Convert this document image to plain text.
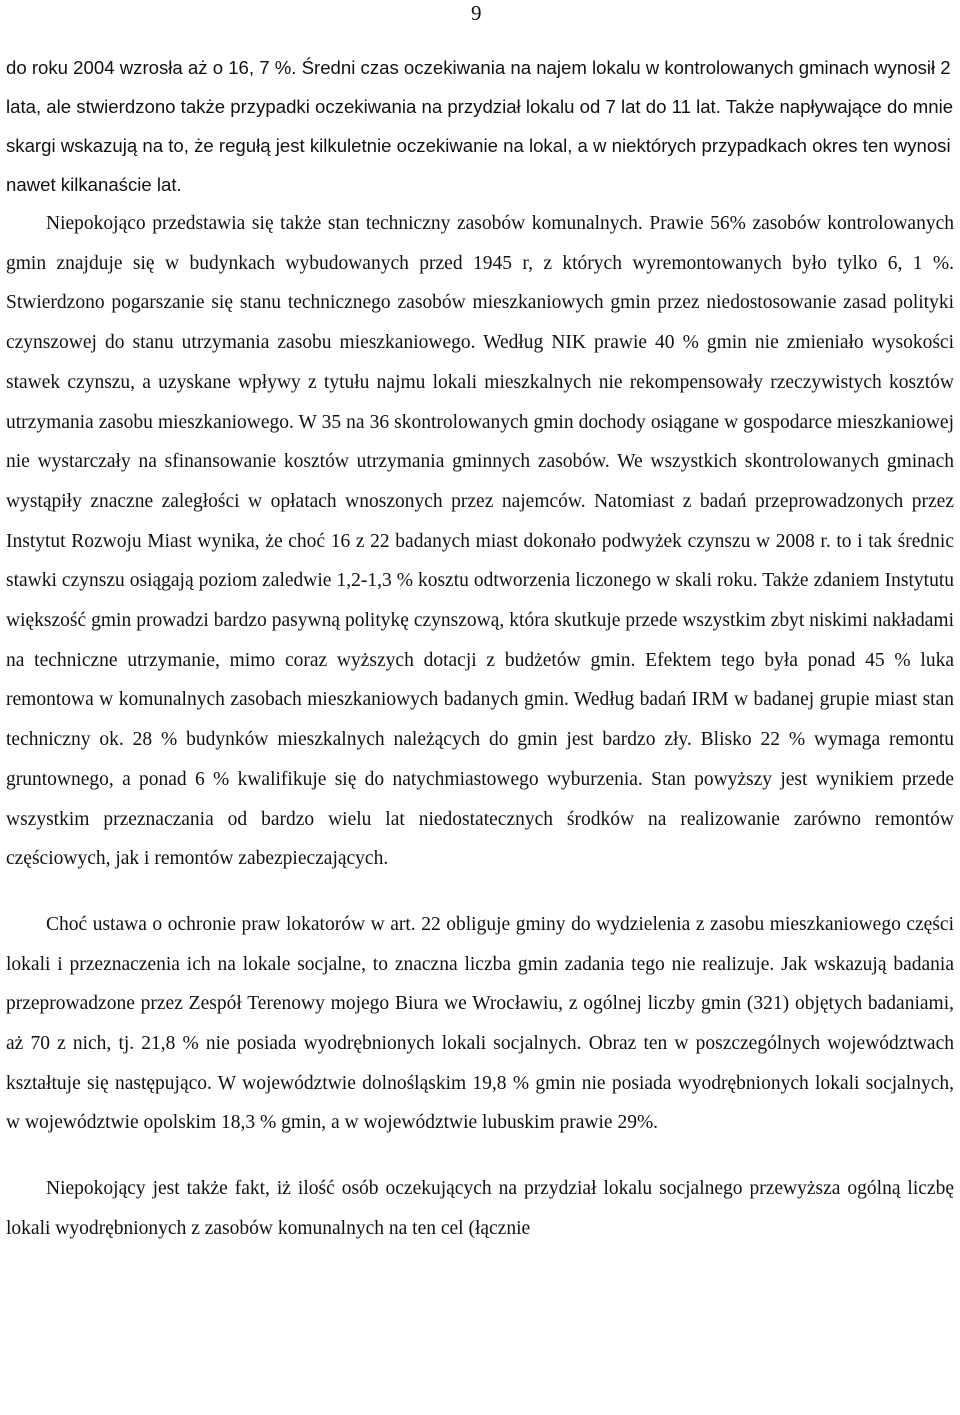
9

do roku 2004 wzrosła aż o 16, 7 %. Średni czas oczekiwania na najem lokalu w kontrolowanych gminach wynosił 2 lata, ale stwierdzono także przypadki oczekiwania na przydział lokalu od 7 lat do 11 lat. Także napływające do mnie skargi wskazują na to, że regułą jest kilkuletnie oczekiwanie na lokal, a w niektórych przypadkach okres ten wynosi nawet kilkanaście lat.

Niepokojąco przedstawia się także stan techniczny zasobów komunalnych. Prawie 56% zasobów kontrolowanych gmin znajduje się w budynkach wybudowanych przed 1945 r, z których wyremontowanych było tylko 6, 1 %. Stwierdzono pogarszanie się stanu technicznego zasobów mieszkaniowych gmin przez niedostosowanie zasad polityki czynszowej do stanu utrzymania zasobu mieszkaniowego. Według NIK prawie 40 % gmin nie zmieniało wysokości stawek czynszu, a uzyskane wpływy z tytułu najmu lokali mieszkalnych nie rekompensowały rzeczywistych kosztów utrzymania zasobu mieszkaniowego. W 35 na 36 skontrolowanych gmin dochody osiągane w gospodarce mieszkaniowej nie wystarczały na sfinansowanie kosztów utrzymania gminnych zasobów. We wszystkich skontrolowanych gminach wystąpiły znaczne zaległości w opłatach wnoszonych przez najemców. Natomiast z badań przeprowadzonych przez Instytut Rozwoju Miast wynika, że choć 16 z 22 badanych miast dokonało podwyżek czynszu w 2008 r. to i tak średnic stawki czynszu osiągają poziom zaledwie 1,2-1,3 % kosztu odtworzenia liczonego w skali roku. Także zdaniem Instytutu większość gmin prowadzi bardzo pasywną politykę czynszową, która skutkuje przede wszystkim zbyt niskimi nakładami na techniczne utrzymanie, mimo coraz wyższych dotacji z budżetów gmin. Efektem tego była ponad 45 % luka remontowa w komunalnych zasobach mieszkaniowych badanych gmin. Według badań IRM w badanej grupie miast stan techniczny ok. 28 % budynków mieszkalnych należących do gmin jest bardzo zły. Blisko 22 % wymaga remontu gruntownego, a ponad 6 % kwalifikuje się do natychmiastowego wyburzenia. Stan powyższy jest wynikiem przede wszystkim przeznaczania od bardzo wielu lat niedostatecznych środków na realizowanie zarówno remontów częściowych, jak i remontów zabezpieczających.

Choć ustawa o ochronie praw lokatorów w art. 22 obliguje gminy do wydzielenia z zasobu mieszkaniowego części lokali i przeznaczenia ich na lokale socjalne, to znaczna liczba gmin zadania tego nie realizuje. Jak wskazują badania przeprowadzone przez Zespół Terenowy mojego Biura we Wrocławiu, z ogólnej liczby gmin (321) objętych badaniami, aż 70 z nich, tj. 21,8 % nie posiada wyodrębnionych lokali socjalnych. Obraz ten w poszczególnych województwach kształtuje się następująco. W województwie dolnośląskim 19,8 % gmin nie posiada wyodrębnionych lokali socjalnych, w województwie opolskim 18,3 % gmin, a w województwie lubuskim prawie 29%.

Niepokojący jest także fakt, iż ilość osób oczekujących na przydział lokalu socjalnego przewyższa ogólną liczbę lokali wyodrębnionych z zasobów komunalnych na ten cel (łącznie
